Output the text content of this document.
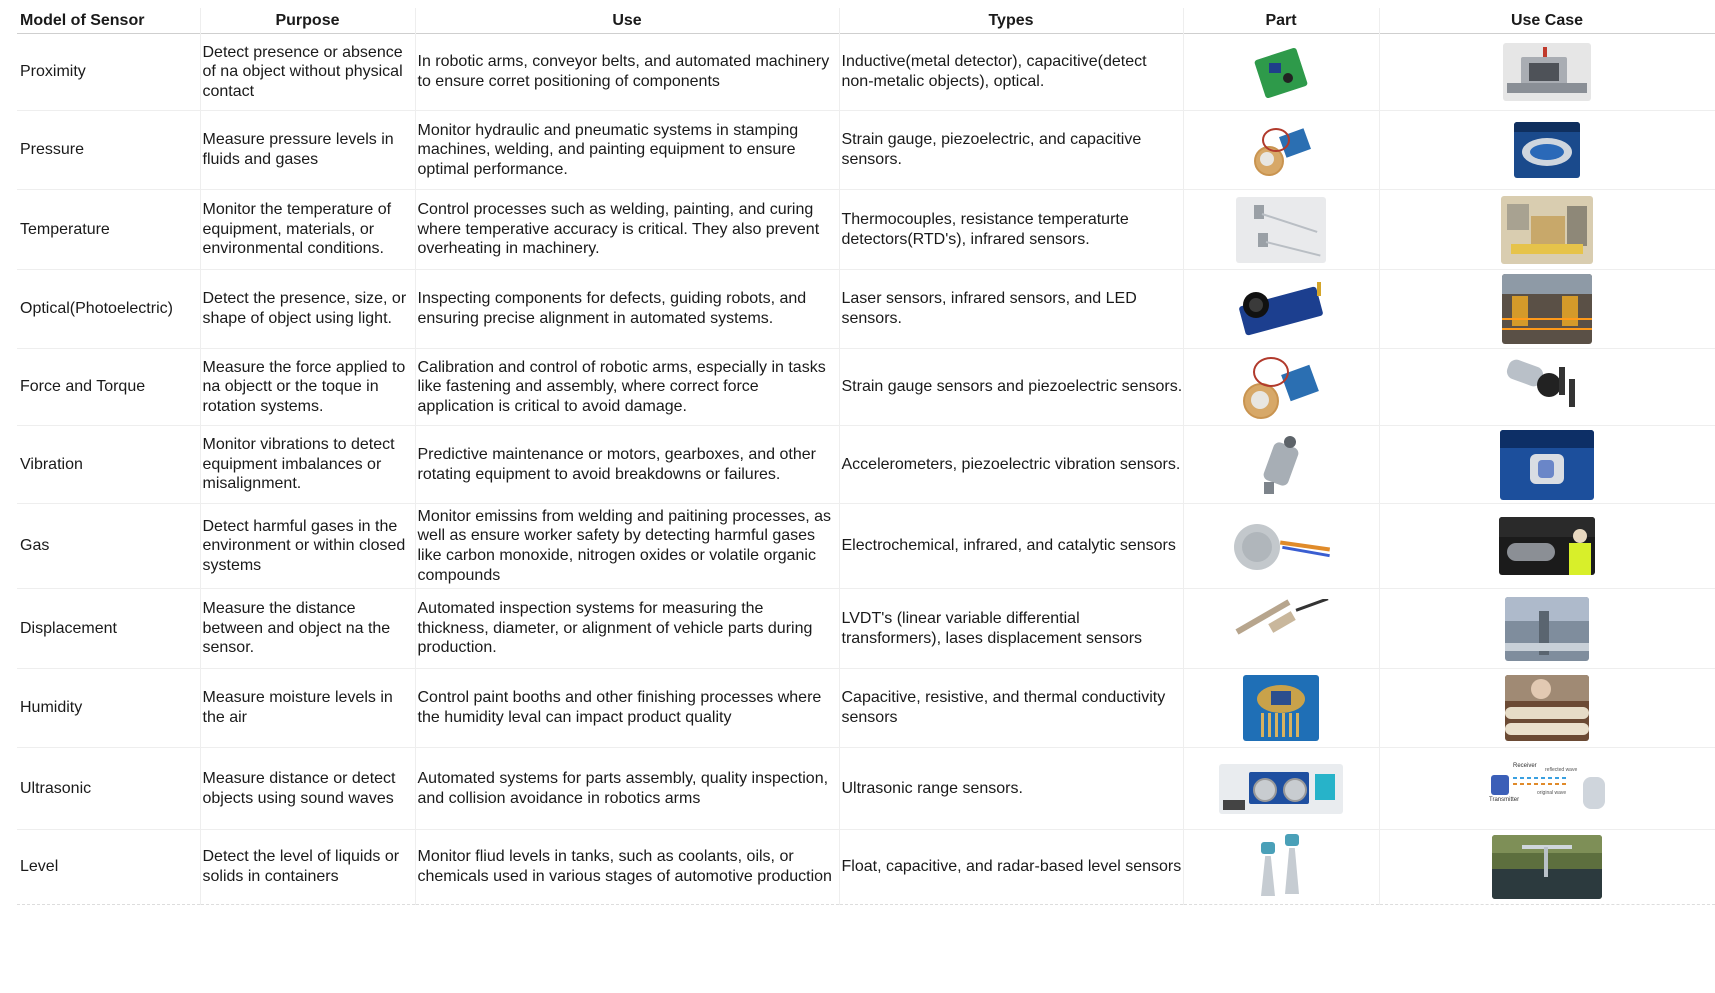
Model of Sensor	Purpose	Use	Types	Part	Use Case
Proximity	Detect presence or absence of na object without physical contact	In robotic arms, conveyor belts, and automated machinery to ensure corret positioning of components	Inductive(metal detector), capacitive(detect non-metalic objects), optical.	

Pressure	Measure pressure levels in fluids and gases	Monitor hydraulic and pneumatic systems in stamping machines, welding, and painting equipment to ensure optimal performance.	Strain gauge, piezoelectric, and capacitive sensors.	

Temperature	Monitor the temperature of equipment, materials, or environmental conditions.	Control processes such as welding, painting, and curing where temperative accuracy is critical. They also prevent overheating in machinery.	Thermocouples, resistance temperaturte detectors(RTD's), infrared sensors.	

Optical(Photoelectric)	Detect the presence, size, or shape of object using light.	Inspecting components for defects, guiding robots, and ensuring precise alignment in automated systems.	Laser sensors, infrared sensors, and LED sensors.	

Force and Torque	Measure the force applied to na objectt or the toque in rotation systems.	Calibration and control of robotic arms, especially in tasks like fastening and assembly, where correct force application is critical to avoid damage.	Strain gauge sensors and piezoelectric sensors.	

Vibration	Monitor vibrations to detect equipment imbalances or misalignment.	Predictive maintenance or motors, gearboxes, and other rotating equipment to avoid breakdowns or failures.	Accelerometers, piezoelectric vibration sensors.	

Gas	Detect harmful gases in the environment or within closed systems	Monitor emissins from welding and paitining processes, as well as ensure worker safety by detecting harmful gases like carbon monoxide, nitrogen oxides or volatile organic compounds	Electrochemical, infrared, and catalytic sensors	

Displacement	Measure the distance between and object na the sensor.	Automated inspection systems for measuring the thickness, diameter, or alignment of vehicle parts during production.	LVDT's (linear variable differential transformers), lases displacement sensors	

Humidity	Measure moisture levels in the air	Control paint booths and other finishing processes where the humidity leval can impact product quality	Capacitive, resistive, and thermal conductivity sensors	

Ultrasonic	Measure distance or detect objects using sound waves	Automated systems for parts assembly, quality inspection, and collision avoidance in robotics arms	Ultrasonic range sensors.		Receiver
reflected wave
original wave
Transmitter

Level	Detect the level of liquids or solids in containers	Monitor fliud levels in tanks, such as coolants, oils, or chemicals used in various stages of automotive production	Float, capacitive, and radar-based level sensors	
